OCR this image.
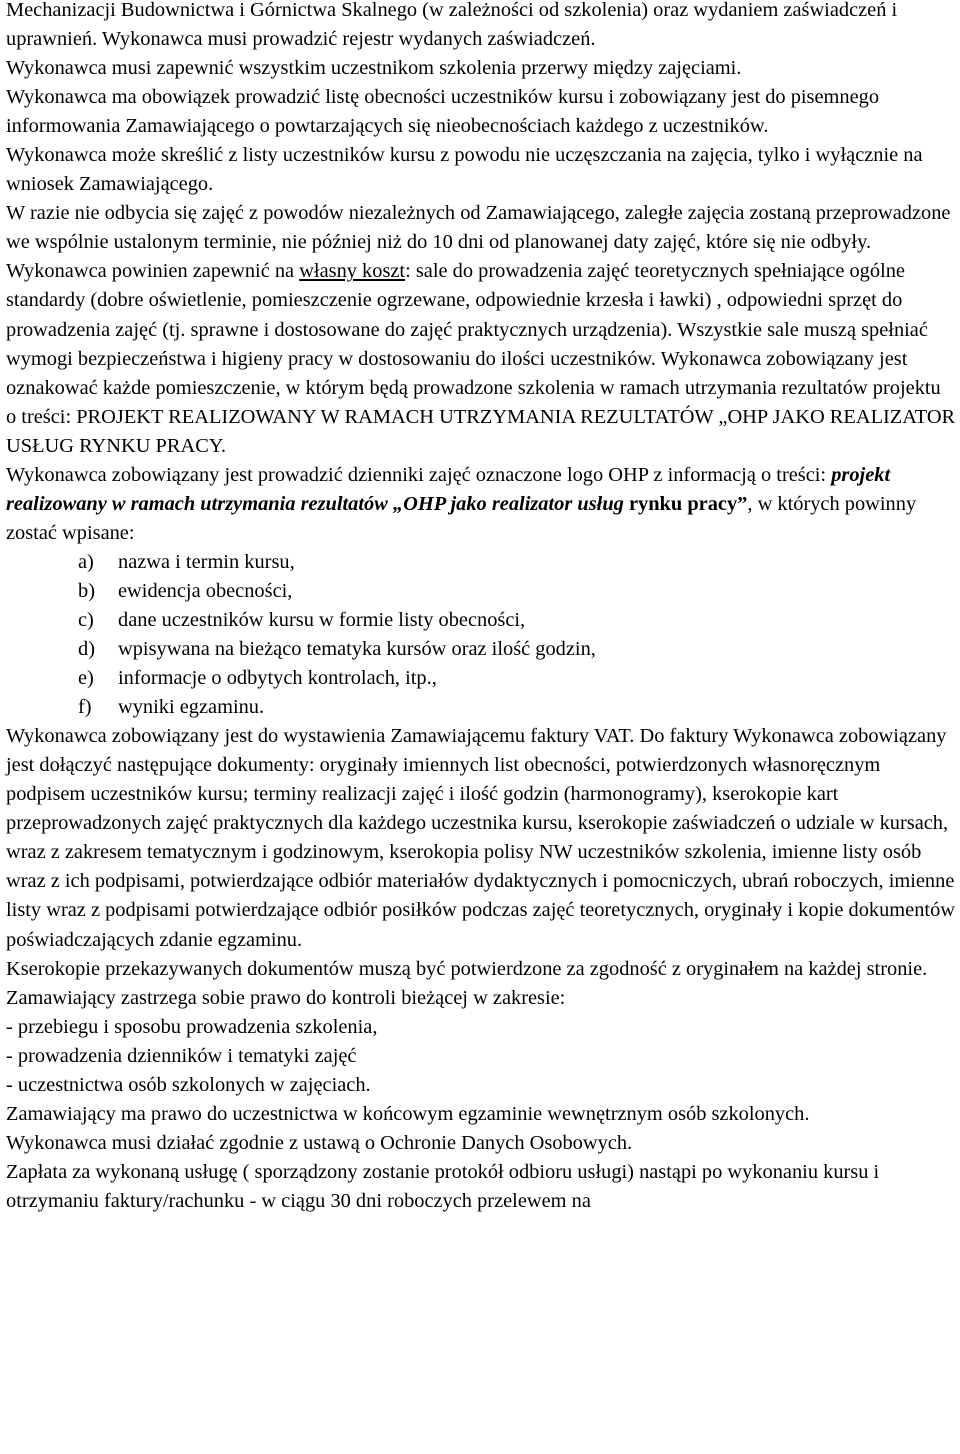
Mechanizacji Budownictwa i Górnictwa Skalnego (w zależności od szkolenia) oraz wydaniem zaświadczeń i uprawnień. Wykonawca musi prowadzić rejestr wydanych zaświadczeń.

Wykonawca musi zapewnić wszystkim uczestnikom szkolenia przerwy między zajęciami.

Wykonawca ma obowiązek prowadzić listę obecności uczestników kursu i zobowiązany jest do pisemnego informowania Zamawiającego o powtarzających się nieobecnościach każdego z uczestników.

Wykonawca może skreślić z listy uczestników kursu z powodu nie uczęszczania na zajęcia, tylko i wyłącznie na wniosek Zamawiającego.

W razie nie odbycia się zajęć z powodów niezależnych od Zamawiającego, zaległe zajęcia zostaną przeprowadzone we wspólnie ustalonym terminie, nie później niż do 10 dni od planowanej daty zajęć, które się nie odbyły.

Wykonawca powinien zapewnić na własny koszt: sale do prowadzenia zajęć teoretycznych spełniające ogólne standardy (dobre oświetlenie, pomieszczenie ogrzewane, odpowiednie krzesła i ławki) , odpowiedni sprzęt do prowadzenia zajęć (tj. sprawne i dostosowane do zajęć praktycznych urządzenia). Wszystkie sale muszą spełniać wymogi bezpieczeństwa i higieny pracy w dostosowaniu do ilości uczestników. Wykonawca zobowiązany jest oznakować każde pomieszczenie, w którym będą prowadzone szkolenia w ramach utrzymania rezultatów projektu o treści: PROJEKT REALIZOWANY W RAMACH UTRZYMANIA REZULTATÓW „OHP JAKO REALIZATOR USŁUG RYNKU PRACY.

Wykonawca zobowiązany jest prowadzić dzienniki zajęć oznaczone logo OHP z informacją o treści: projekt realizowany w ramach utrzymania rezultatów „OHP jako realizator usług rynku pracy”, w których powinny zostać wpisane:

a) nazwa i termin kursu,
b) ewidencja obecności,
c) dane uczestników kursu w formie listy obecności,
d) wpisywana na bieżąco tematyka kursów oraz ilość godzin,
e) informacje o odbytych kontrolach, itp.,
f) wyniki egzaminu.

Wykonawca zobowiązany jest do wystawienia Zamawiającemu faktury VAT. Do faktury Wykonawca zobowiązany jest dołączyć następujące dokumenty: oryginały imiennych list obecności, potwierdzonych własnoręcznym podpisem uczestników kursu; terminy realizacji zajęć i ilość godzin (harmonogramy), kserokopie kart przeprowadzonych zajęć praktycznych dla każdego uczestnika kursu, kserokopie zaświadczeń o udziale w kursach, wraz z zakresem tematycznym i godzinowym, kserokopia polisy NW uczestników szkolenia, imienne listy osób wraz z ich podpisami, potwierdzające odbiór materiałów dydaktycznych i pomocniczych, ubrań roboczych, imienne listy wraz z podpisami potwierdzające odbiór posiłków podczas zajęć teoretycznych, oryginały i kopie dokumentów poświadczających zdanie egzaminu.

Kserokopie przekazywanych dokumentów muszą być potwierdzone za zgodność z oryginałem na każdej stronie.

Zamawiający zastrzega sobie prawo do kontroli bieżącej w zakresie:

- przebiegu i sposobu prowadzenia szkolenia,

- prowadzenia dzienników i tematyki zajęć

- uczestnictwa osób szkolonych w zajęciach.

Zamawiający ma prawo do uczestnictwa w końcowym egzaminie wewnętrznym osób szkolonych.

Wykonawca musi działać zgodnie z ustawą o Ochronie Danych Osobowych.

Zapłata za wykonaną usługę ( sporządzony zostanie protokół odbioru usługi) nastąpi po wykonaniu kursu i otrzymaniu faktury/rachunku - w ciągu 30 dni roboczych przelewem na
